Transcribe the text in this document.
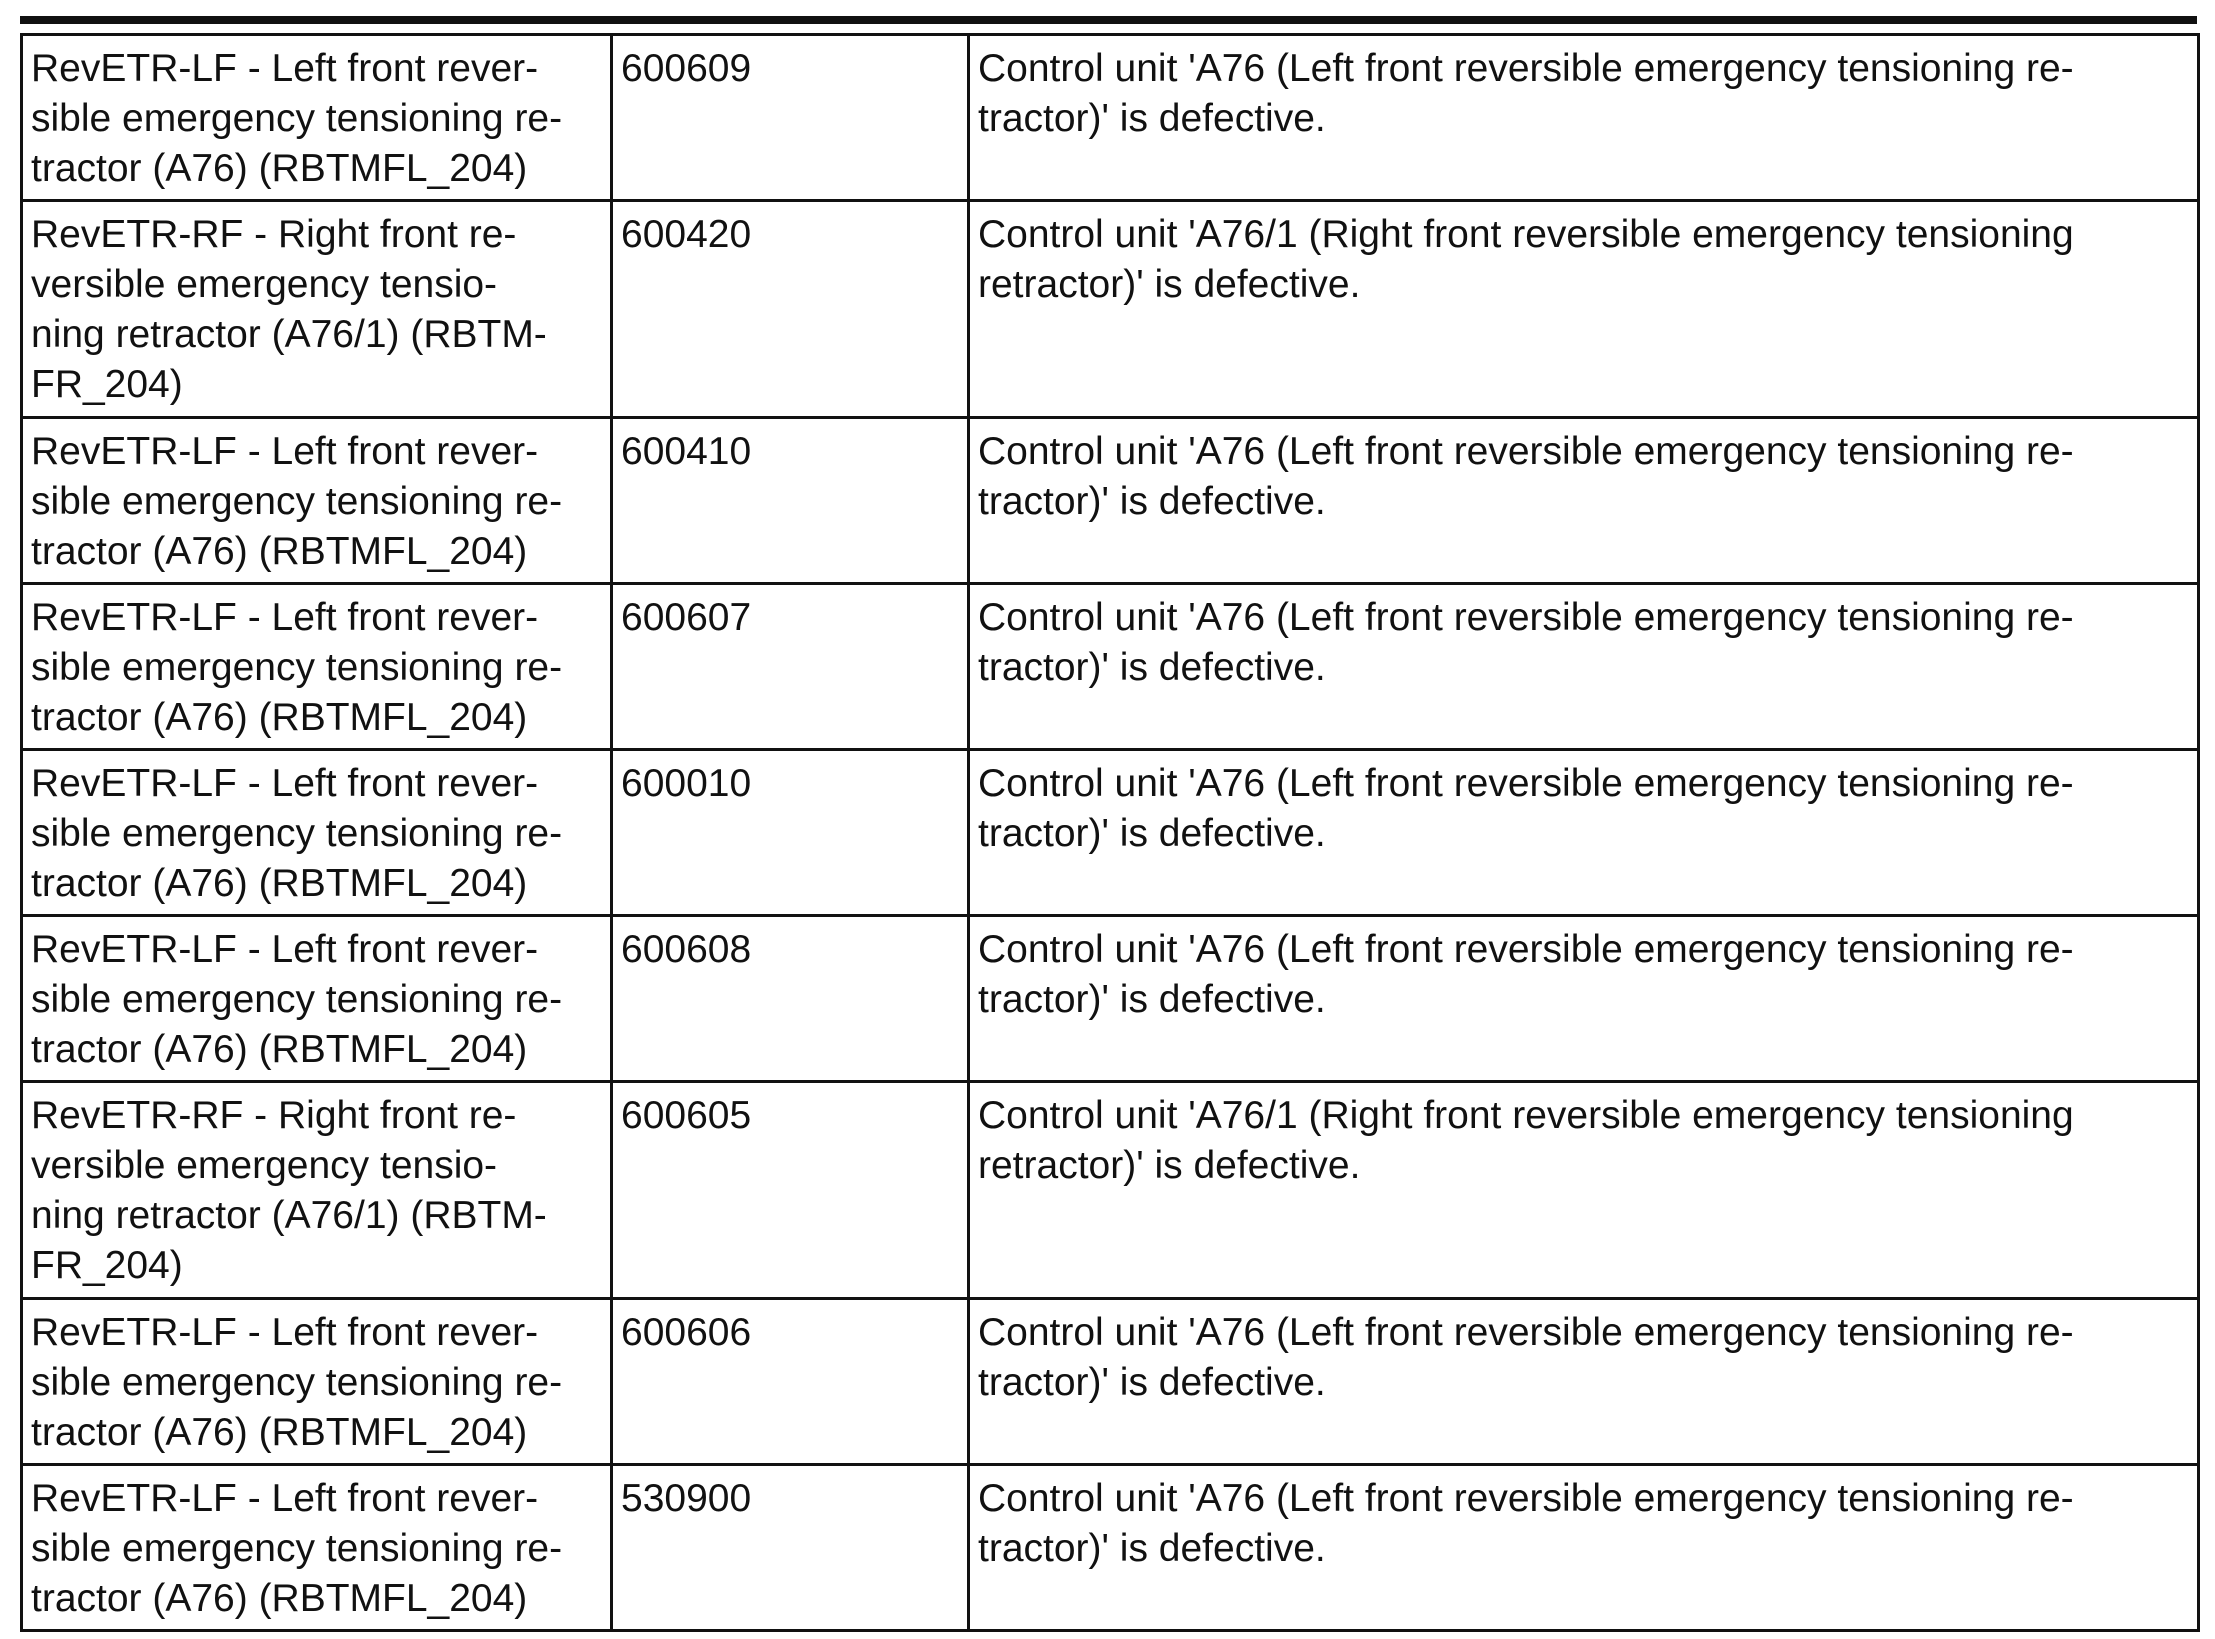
RevETR-LF - Left front rever-
sible emergency tensioning re-
tractor (A76) (RBTMFL_204)	600609	Control unit 'A76 (Left front reversible emergency tensioning re-
tractor)' is defective.
RevETR-RF - Right front re-
versible emergency tensio-
ning retractor (A76/1) (RBTM-
FR_204)	600420	Control unit 'A76/1 (Right front reversible emergency tensioning
retractor)' is defective.
RevETR-LF - Left front rever-
sible emergency tensioning re-
tractor (A76) (RBTMFL_204)	600410	Control unit 'A76 (Left front reversible emergency tensioning re-
tractor)' is defective.
RevETR-LF - Left front rever-
sible emergency tensioning re-
tractor (A76) (RBTMFL_204)	600607	Control unit 'A76 (Left front reversible emergency tensioning re-
tractor)' is defective.
RevETR-LF - Left front rever-
sible emergency tensioning re-
tractor (A76) (RBTMFL_204)	600010	Control unit 'A76 (Left front reversible emergency tensioning re-
tractor)' is defective.
RevETR-LF - Left front rever-
sible emergency tensioning re-
tractor (A76) (RBTMFL_204)	600608	Control unit 'A76 (Left front reversible emergency tensioning re-
tractor)' is defective.
RevETR-RF - Right front re-
versible emergency tensio-
ning retractor (A76/1) (RBTM-
FR_204)	600605	Control unit 'A76/1 (Right front reversible emergency tensioning
retractor)' is defective.
RevETR-LF - Left front rever-
sible emergency tensioning re-
tractor (A76) (RBTMFL_204)	600606	Control unit 'A76 (Left front reversible emergency tensioning re-
tractor)' is defective.
RevETR-LF - Left front rever-
sible emergency tensioning re-
tractor (A76) (RBTMFL_204)	530900	Control unit 'A76 (Left front reversible emergency tensioning re-
tractor)' is defective.
